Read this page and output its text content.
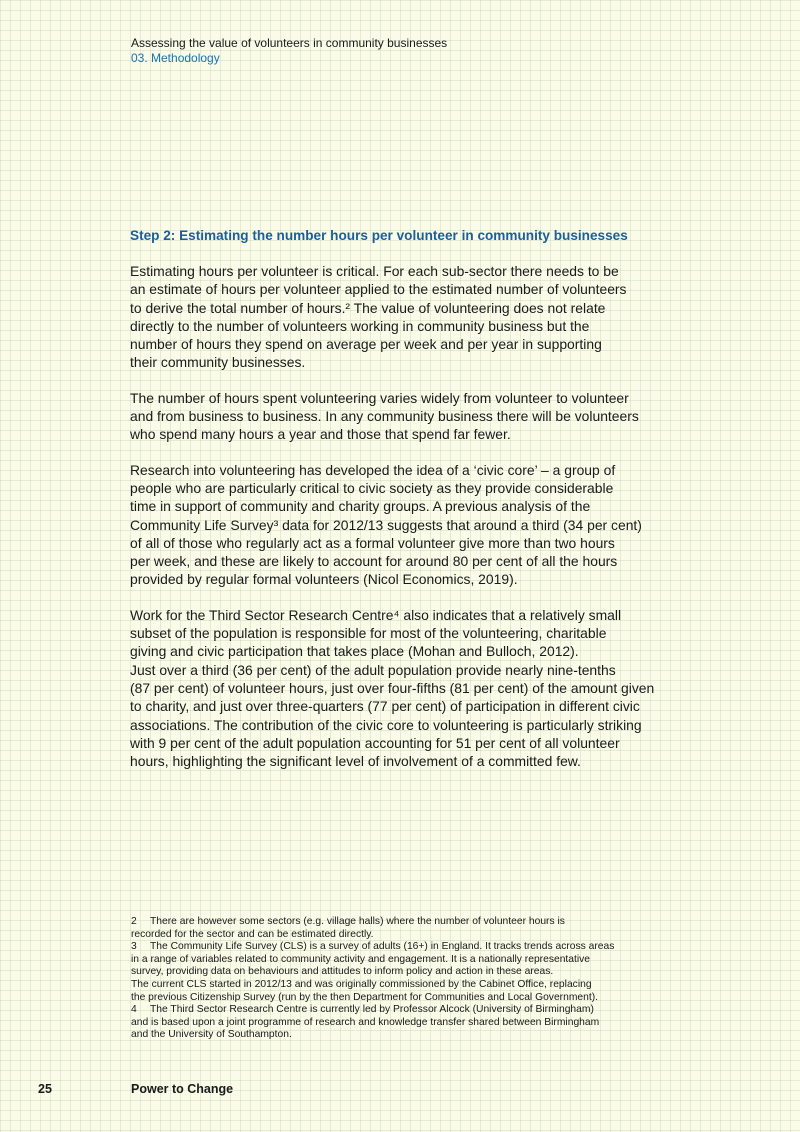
Assessing the value of volunteers in community businesses
03. Methodology
Step 2: Estimating the number hours per volunteer in community businesses
Estimating hours per volunteer is critical. For each sub-sector there needs to be
an estimate of hours per volunteer applied to the estimated number of volunteers
to derive the total number of hours.² The value of volunteering does not relate
directly to the number of volunteers working in community business but the
number of hours they spend on average per week and per year in supporting
their community businesses.
The number of hours spent volunteering varies widely from volunteer to volunteer
and from business to business. In any community business there will be volunteers
who spend many hours a year and those that spend far fewer.
Research into volunteering has developed the idea of a ‘civic core’ – a group of
people who are particularly critical to civic society as they provide considerable
time in support of community and charity groups. A previous analysis of the
Community Life Survey³ data for 2012/13 suggests that around a third (34 per cent)
of all of those who regularly act as a formal volunteer give more than two hours
per week, and these are likely to account for around 80 per cent of all the hours
provided by regular formal volunteers (Nicol Economics, 2019).
Work for the Third Sector Research Centre⁴ also indicates that a relatively small
subset of the population is responsible for most of the volunteering, charitable
giving and civic participation that takes place (Mohan and Bulloch, 2012).
Just over a third (36 per cent) of the adult population provide nearly nine-tenths
(87 per cent) of volunteer hours, just over four-fifths (81 per cent) of the amount given
to charity, and just over three-quarters (77 per cent) of participation in different civic
associations. The contribution of the civic core to volunteering is particularly striking
with 9 per cent of the adult population accounting for 51 per cent of all volunteer
hours, highlighting the significant level of involvement of a committed few.
2 There are however some sectors (e.g. village halls) where the number of volunteer hours is
recorded for the sector and can be estimated directly.
3 The Community Life Survey (CLS) is a survey of adults (16+) in England. It tracks trends across areas
in a range of variables related to community activity and engagement. It is a nationally representative
survey, providing data on behaviours and attitudes to inform policy and action in these areas.
The current CLS started in 2012/13 and was originally commissioned by the Cabinet Office, replacing
the previous Citizenship Survey (run by the then Department for Communities and Local Government).
4 The Third Sector Research Centre is currently led by Professor Alcock (University of Birmingham)
and is based upon a joint programme of research and knowledge transfer shared between Birmingham
and the University of Southampton.
25	Power to Change
